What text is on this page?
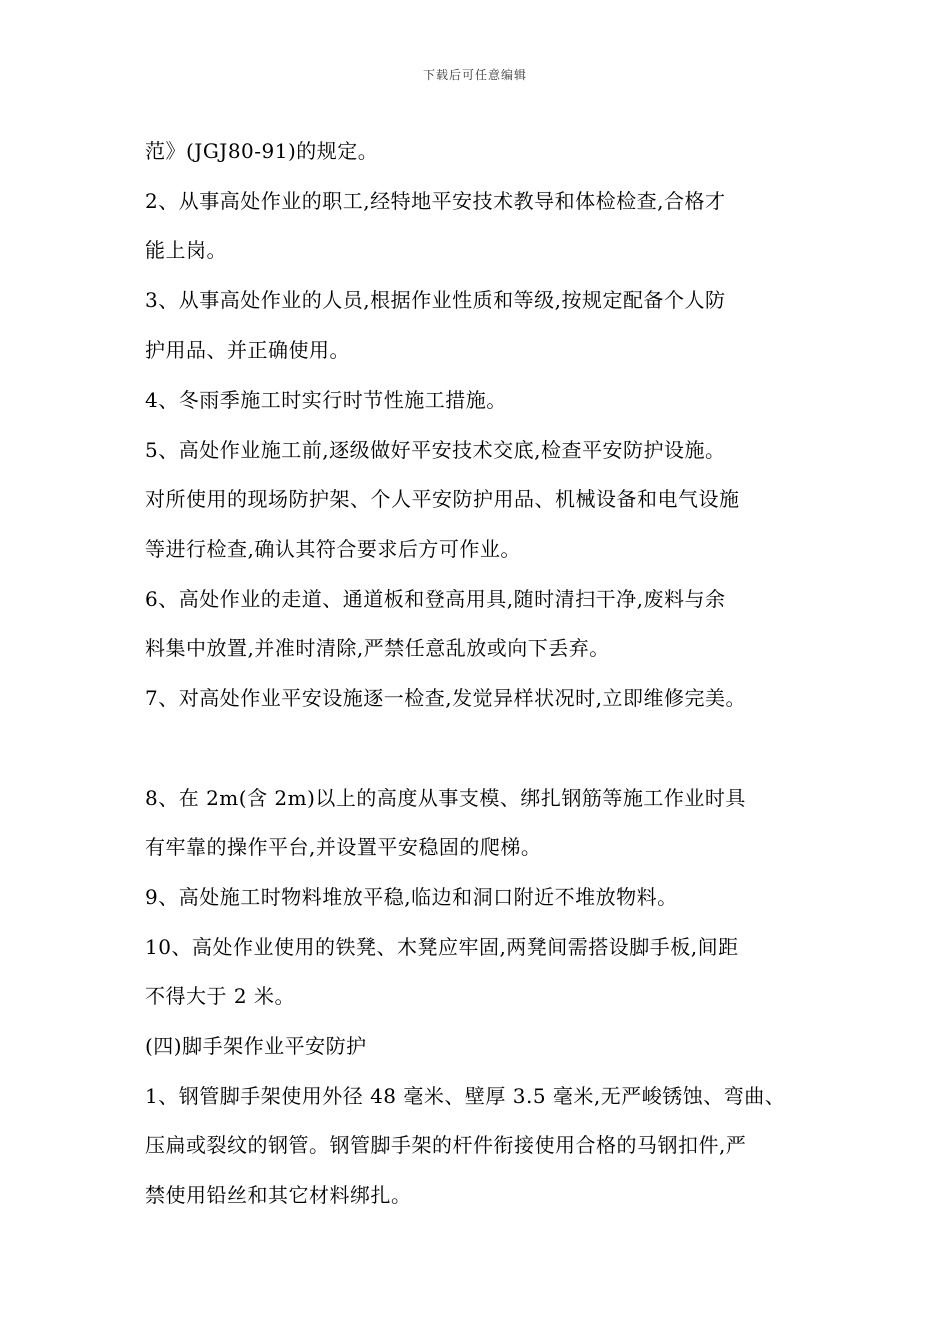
下载后可任意编辑
范》(JGJ80-91)的规定。
2、从事高处作业的职工,经特地平安技术教导和体检检查,合格才
能上岗。
3、从事高处作业的人员,根据作业性质和等级,按规定配备个人防
护用品、并正确使用。
4、冬雨季施工时实行时节性施工措施。
5、高处作业施工前,逐级做好平安技术交底,检查平安防护设施。
对所使用的现场防护架、个人平安防护用品、机械设备和电气设施
等进行检查,确认其符合要求后方可作业。
6、高处作业的走道、通道板和登高用具,随时清扫干净,废料与余
料集中放置,并准时清除,严禁任意乱放或向下丢弃。
7、对高处作业平安设施逐一检查,发觉异样状况时,立即维修完美。
8、在 2m(含 2m)以上的高度从事支模、绑扎钢筋等施工作业时具
有牢靠的操作平台,并设置平安稳固的爬梯。
9、高处施工时物料堆放平稳,临边和洞口附近不堆放物料。
10、高处作业使用的铁凳、木凳应牢固,两凳间需搭设脚手板,间距
不得大于 2 米。
(四)脚手架作业平安防护
1、钢管脚手架使用外径 48 毫米、壁厚 3.5 毫米,无严峻锈蚀、弯曲、
压扁或裂纹的钢管。钢管脚手架的杆件衔接使用合格的马钢扣件,严
禁使用铅丝和其它材料绑扎。
